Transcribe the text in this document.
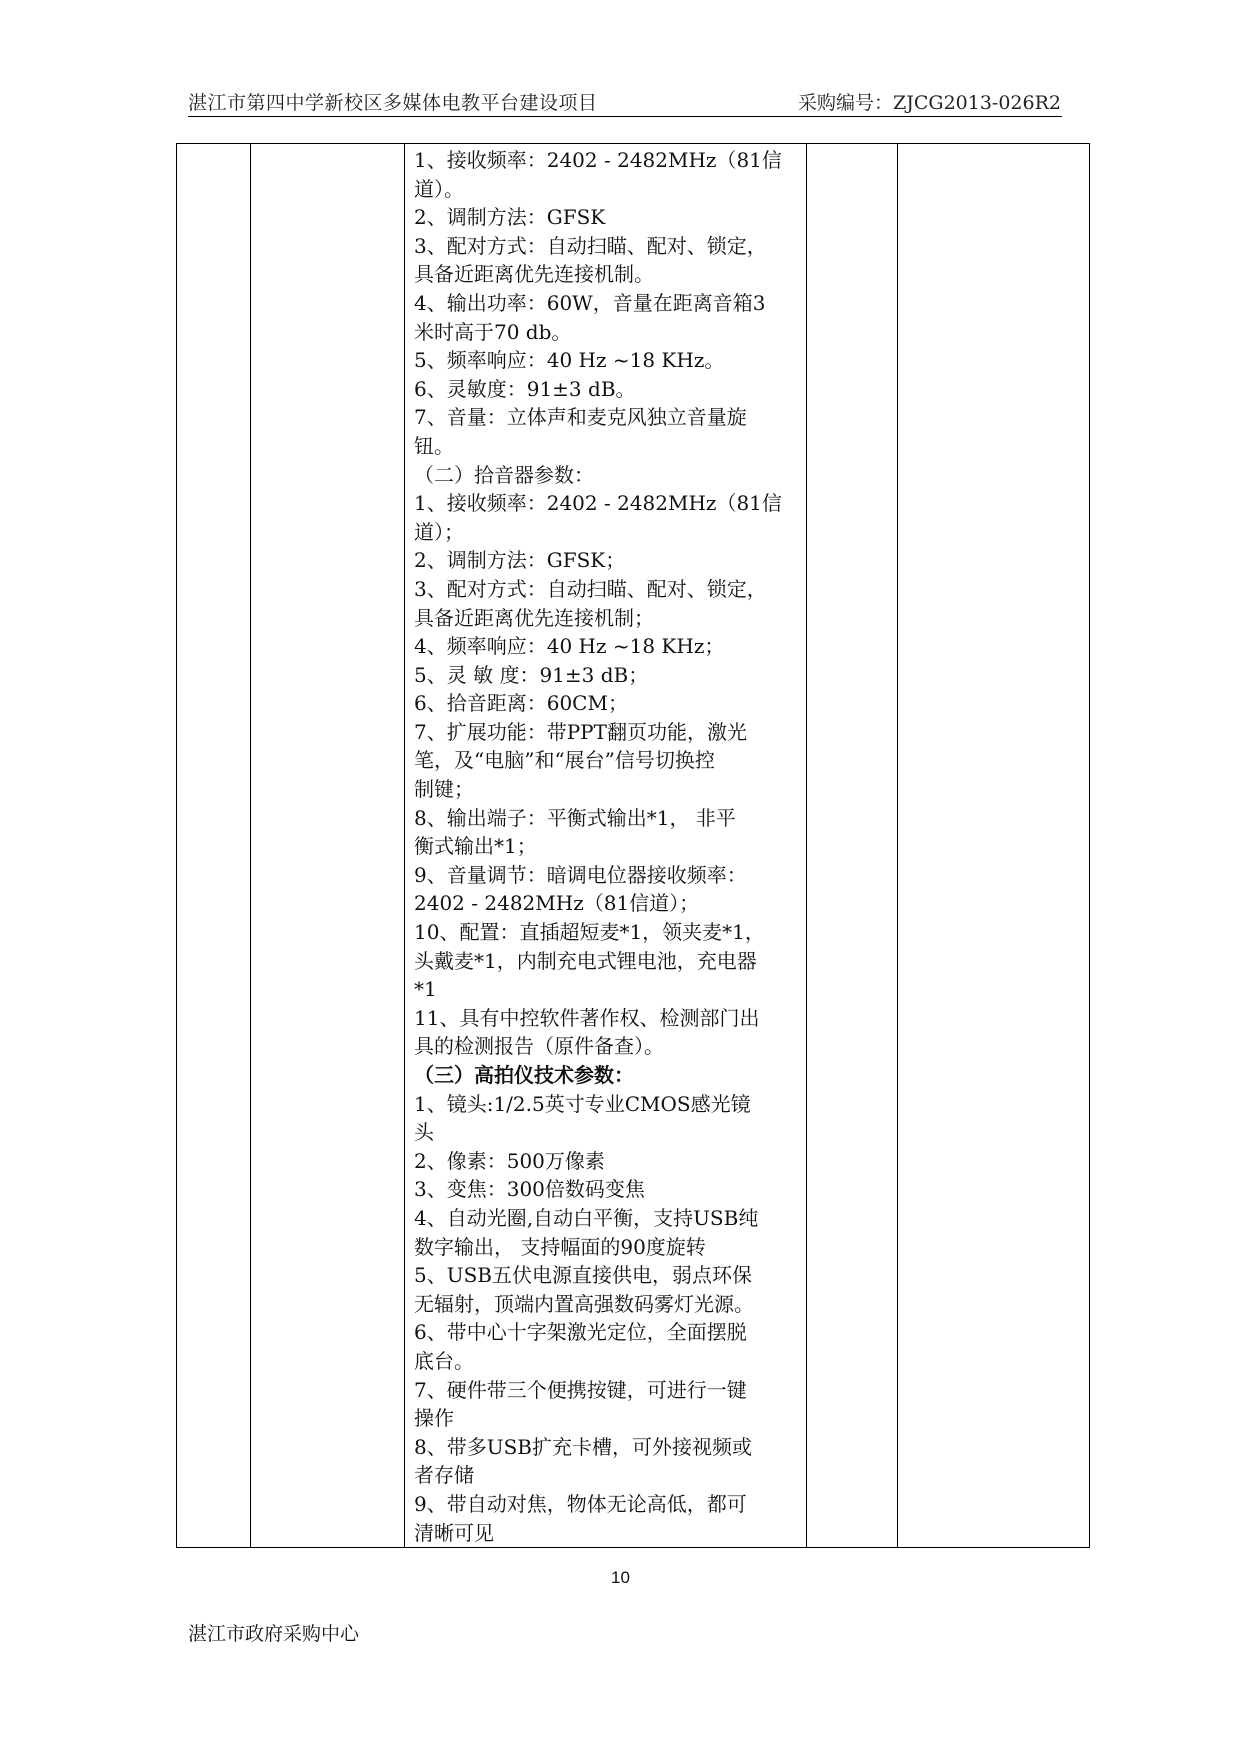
湛江市第四中学新校区多媒体电教平台建设项目	采购编号：ZJCG2013-026R2

1、接收频率：2402 - 2482MHz（81信
道）。
2、调制方法：GFSK
3、配对方式：自动扫瞄、配对、锁定，
具备近距离优先连接机制。
4、输出功率：60W，音量在距离音箱3
米时高于70 db。
5、频率响应：40 Hz ~18 KHz。
6、灵敏度：91±3 dB。
7、音量：立体声和麦克风独立音量旋
钮。
（二）拾音器参数：
1、接收频率：2402 - 2482MHz（81信
道）；
2、调制方法：GFSK；
3、配对方式：自动扫瞄、配对、锁定，
具备近距离优先连接机制；
4、频率响应：40 Hz ~18 KHz；
5、灵 敏 度：91±3 dB；
6、拾音距离：60CM；
7、扩展功能：带PPT翻页功能，激光
笔，及“电脑”和“展台”信号切换控
制键；
8、输出端子：平衡式输出*1， 非平
衡式输出*1；
9、音量调节：暗调电位器接收频率：
2402 - 2482MHz（81信道）；
10、配置：直插超短麦*1，领夹麦*1，
头戴麦*1，内制充电式锂电池，充电器
*1
11、具有中控软件著作权、检测部门出
具的检测报告（原件备查）。
（三）高拍仪技术参数：
1、镜头:1/2.5英寸专业CMOS感光镜
头
2、像素：500万像素
3、变焦：300倍数码变焦
4、自动光圈,自动白平衡，支持USB纯
数字输出， 支持幅面的90度旋转
5、USB五伏电源直接供电，弱点环保
无辐射，顶端内置高强数码雾灯光源。
6、带中心十字架激光定位，全面摆脱
底台。
7、硬件带三个便携按键，可进行一键
操作
8、带多USB扩充卡槽，可外接视频或
者存储
9、带自动对焦，物体无论高低，都可
清晰可见

10
湛江市政府采购中心
